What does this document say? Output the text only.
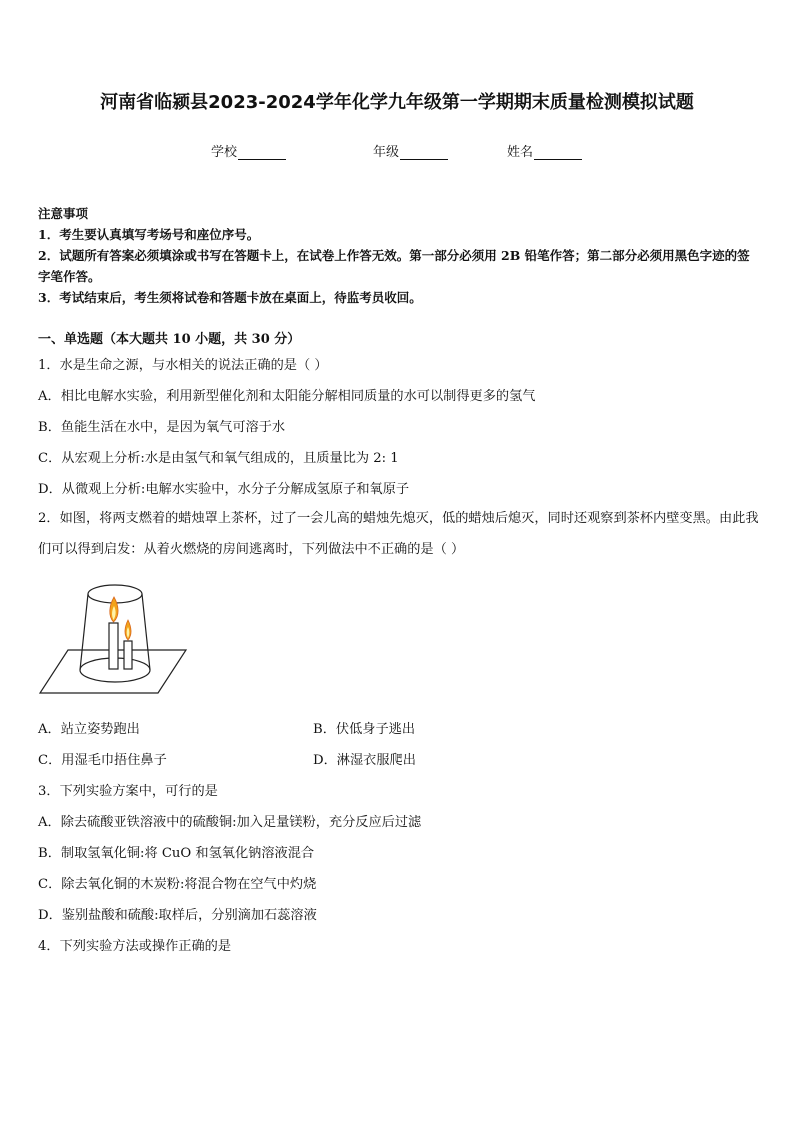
河南省临颍县2023-2024学年化学九年级第一学期期末质量检测模拟试题
学校	年级	姓名

注意事项

1．考生要认真填写考场号和座位序号。

2．试题所有答案必须填涂或书写在答题卡上，在试卷上作答无效。第一部分必须用 2B 铅笔作答；第二部分必须用黑色字迹的签字笔作答。

3．考试结束后，考生须将试卷和答题卡放在桌面上，待监考员收回。

一、单选题（本大题共 10 小题，共 30 分）
1．水是生命之源，与水相关的说法正确的是（ ）
A．相比电解水实验，利用新型催化剂和太阳能分解相同质量的水可以制得更多的氢气
B．鱼能生活在水中，是因为氧气可溶于水
C．从宏观上分析:水是由氢气和氧气组成的，且质量比为 2: 1
D．从微观上分析:电解水实验中，水分子分解成氢原子和氧原子
2．如图，将两支燃着的蜡烛罩上茶杯，过了一会儿高的蜡烛先熄灭，低的蜡烛后熄灭，同时还观察到茶杯内壁变黑。由此我们可以得到启发：从着火燃烧的房间逃离时，下列做法中不正确的是（ ）
A．站立姿势跑出	B．伏低身子逃出
C．用湿毛巾捂住鼻子	D．淋湿衣服爬出
3．下列实验方案中，可行的是
A．除去硫酸亚铁溶液中的硫酸铜:加入足量镁粉，充分反应后过滤
B．制取氢氧化铜:将 CuO 和氢氧化钠溶液混合
C．除去氧化铜的木炭粉:将混合物在空气中灼烧
D．鉴别盐酸和硫酸:取样后，分别滴加石蕊溶液
4．下列实验方法或操作正确的是
